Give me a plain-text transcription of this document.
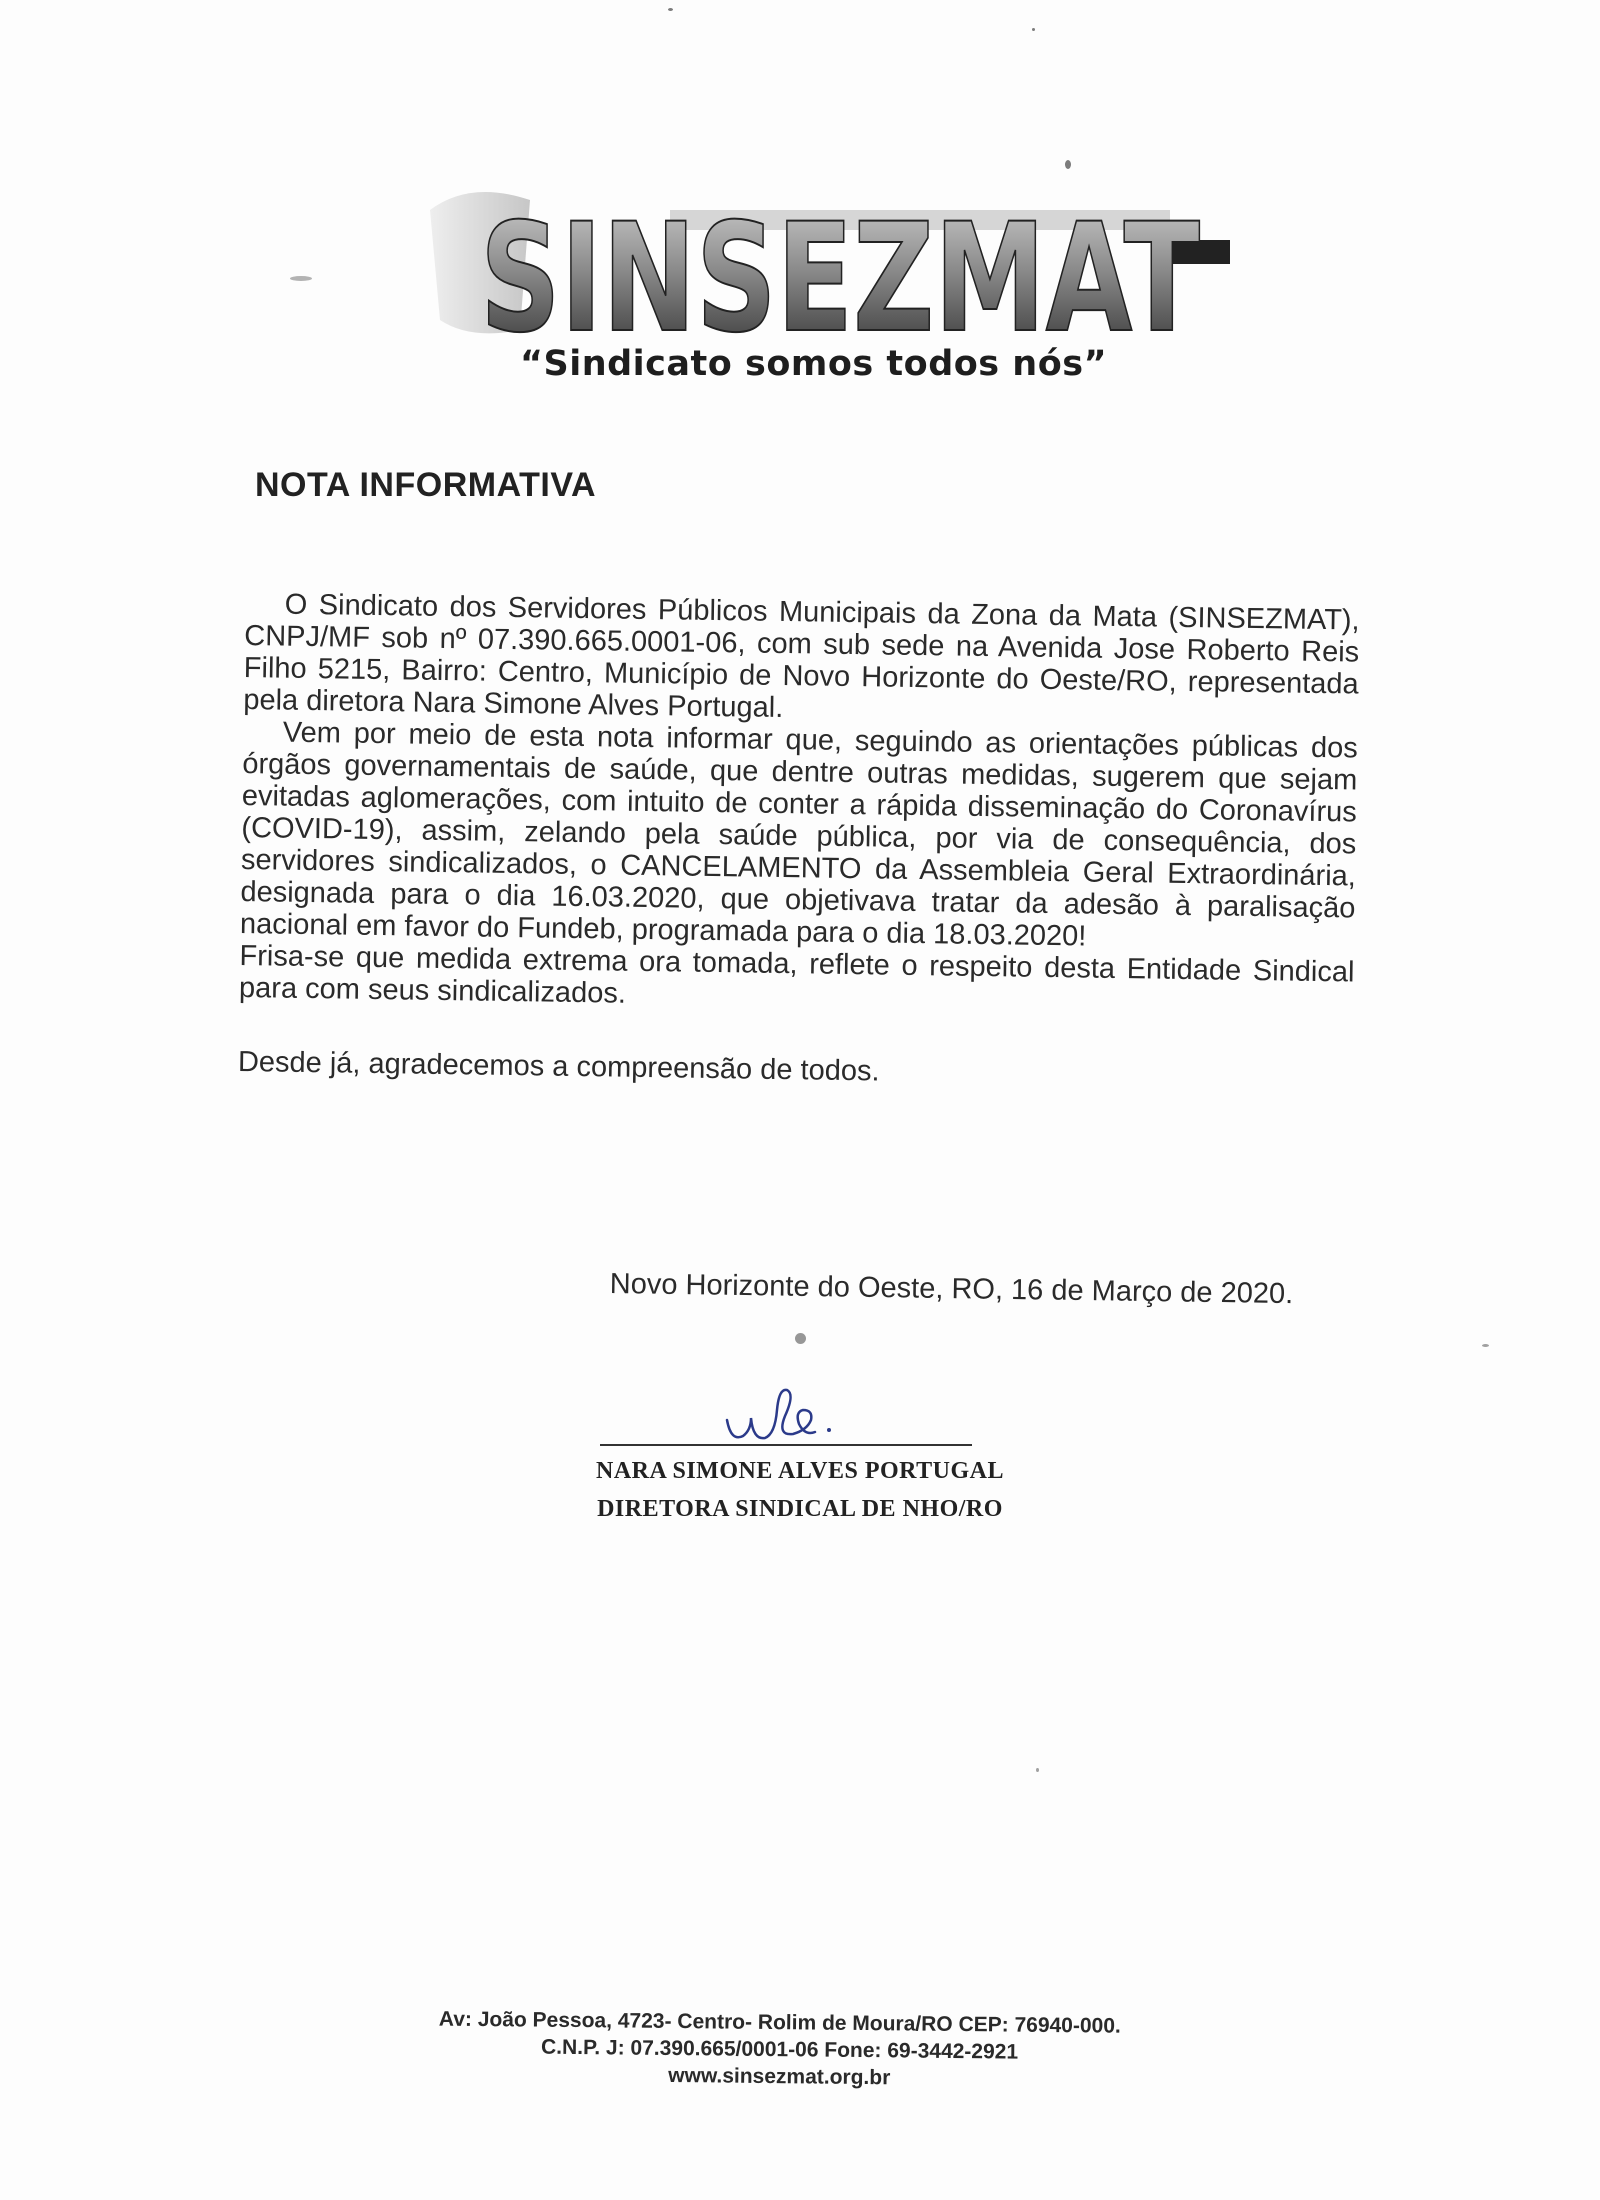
SINSEZMAT
“Sindicato somos todos nós”
NOTA INFORMATIVA

O Sindicato dos Servidores Públicos Municipais da Zona da Mata (SINSEZMAT), CNPJ/MF sob nº 07.390.665.0001-06, com sub sede na Avenida Jose Roberto Reis Filho 5215, Bairro: Centro, Município de Novo Horizonte do Oeste/RO, representada pela diretora Nara Simone Alves Portugal.

Vem por meio de esta nota informar que, seguindo as orientações públicas dos órgãos governamentais de saúde, que dentre outras medidas, sugerem que sejam evitadas aglomerações, com intuito de conter a rápida disseminação do Coronavírus (COVID-19), assim, zelando pela saúde pública, por via de consequência, dos servidores sindicalizados, o CANCELAMENTO da Assembleia Geral Extraordinária, designada para o dia 16.03.2020, que objetivava tratar da adesão à paralisação nacional em favor do Fundeb, programada para o dia 18.03.2020!

Frisa-se que medida extrema ora tomada, reflete o respeito desta Entidade Sindical para com seus sindicalizados.

Desde já, agradecemos a compreensão de todos.

Novo Horizonte do Oeste, RO, 16 de Março de 2020.
NARA SIMONE ALVES PORTUGAL
DIRETORA SINDICAL DE NHO/RO
Av: João Pessoa, 4723- Centro- Rolim de Moura/RO CEP: 76940-000.
C.N.P. J: 07.390.665/0001-06 Fone: 69-3442-2921
www.sinsezmat.org.br
